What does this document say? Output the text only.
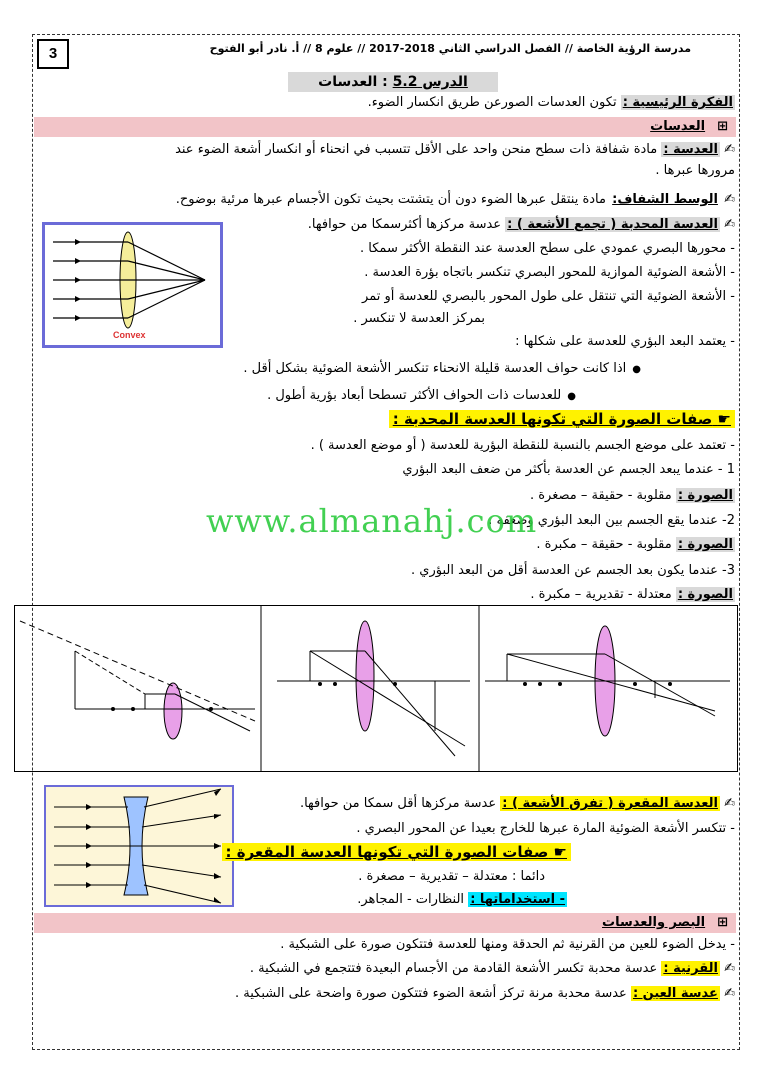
3	مدرسة الرؤية الخاصة // الفصل الدراسي الثاني 2018-2017 // علوم 8 // أ. نادر أبو الفتوح
الدرس 5.2 : العدسات
الفكرة الرئيسية : تكون العدسات الصورعن طريق انكسار الضوء.
⊞العدسات
✍ العدسة : مادة شفافة ذات سطح منحن واحد على الأقل تتسبب في انحناء أو انكسار أشعة الضوء عند
مرورها عبرها .
✍ الوسط الشفاف: مادة ينتقل عبرها الضوء دون أن يتشتت بحيث تكون الأجسام عبرها مرئية بوضوح.
✍ العدسة المحدبة ( تجمع الأشعة ) : عدسة مركزها أكثرسمكا من حوافها.
- محورها البصري عمودي على سطح العدسة عند النقطة الأكثر سمكا .
- الأشعة الضوئية الموازية للمحور البصري تنكسر باتجاه بؤرة العدسة .
- الأشعة الضوئية التي تنتقل على طول المحور بالبصري للعدسة أو تمر
بمركز العدسة لا تنكسر .
- يعتمد البعد البؤري للعدسة على شكلها :
● اذا كانت حواف العدسة قليلة الانحناء تنكسر الأشعة الضوئية بشكل أقل .
● للعدسات ذات الحواف الأكثر تسطحا أبعاد بؤرية أطول .
Convex
☛ صفات الصورة التي تكونها العدسة المحدبة :
- تعتمد على موضع الجسم بالنسبة للنقطة البؤرية للعدسة ( أو موضع العدسة ) .
1 - عندما يبعد الجسم عن العدسة بأكثر من ضعف البعد البؤري
الصورة : مقلوبة - حقيقة – مصغرة .
2- عندما يقع الجسم بين البعد البؤري وضعفه .
الصورة : مقلوبة - حقيقة – مكبرة .
3- عندما يكون بعد الجسم عن العدسة أقل من البعد البؤري .
الصورة : معتدلة - تقديرية – مكبرة .
www.almanahj.com
✍ العدسة المقعرة ( تفرق الأشعة ) : عدسة مركزها أقل سمكا من حوافها.
- تتكسر الأشعة الضوئية المارة عبرها للخارج بعيدا عن المحور البصري .
☛ صفات الصورة التي تكونها العدسة المقعرة :
دائما : معتدلة – تقديرية – مصغرة .
- استخداماتها : النظارات - المجاهر.
⊞البصر والعدسات
- يدخل الضوء للعين من القرنية ثم الحدقة ومنها للعدسة فتتكون صورة على الشبكية .
✍ القرنية : عدسة محدبة تكسر الأشعة القادمة من الأجسام البعيدة فتتجمع في الشبكية .
✍ عدسة العين : عدسة محدبة مرنة تركز أشعة الضوء فتتكون صورة واضحة على الشبكية .
